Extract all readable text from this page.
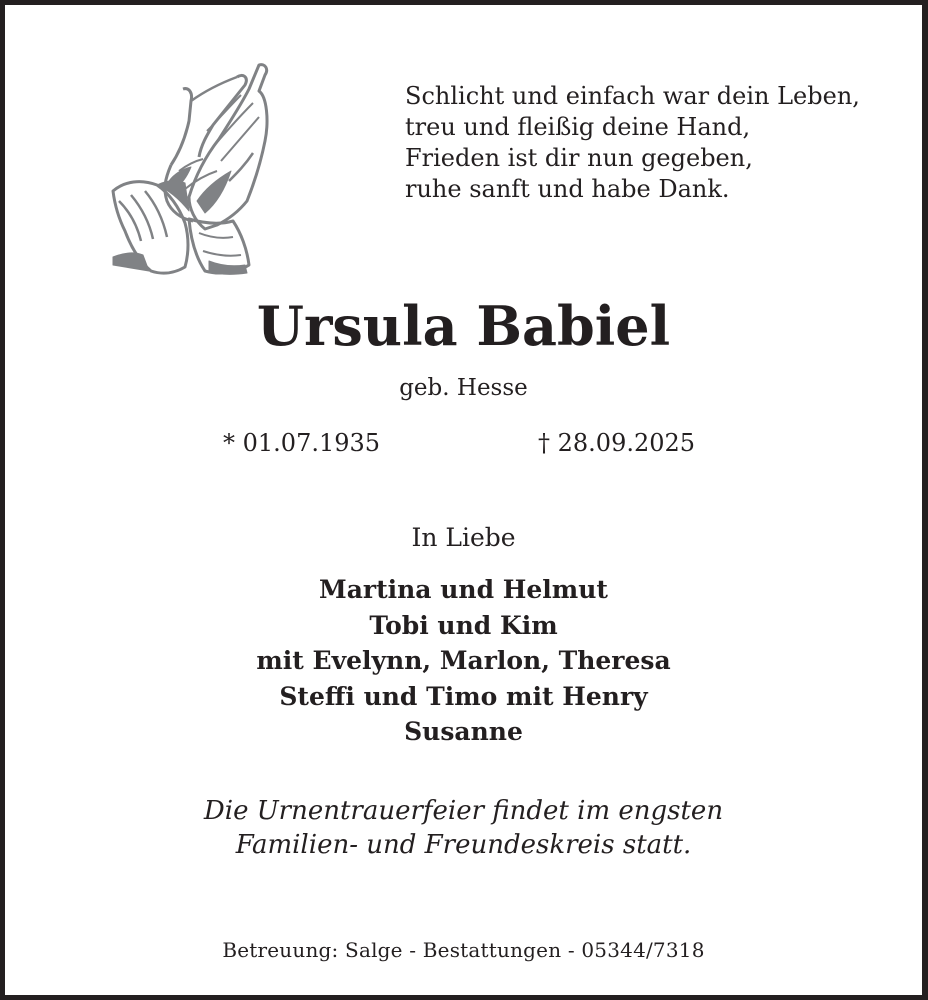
Schlicht und einfach war dein Leben,
treu und fleißig deine Hand,
Frieden ist dir nun gegeben,
ruhe sanft und habe Dank.
Ursula Babiel
geb. Hesse
* 01.07.1935	† 28.09.2025
In Liebe
Martina und Helmut
Tobi und Kim
mit Evelynn, Marlon, Theresa
Steffi und Timo mit Henry
Susanne
Die Urnentrauerfeier findet im engsten
Familien- und Freundeskreis statt.
Betreuung: Salge - Bestattungen - 05344/7318
